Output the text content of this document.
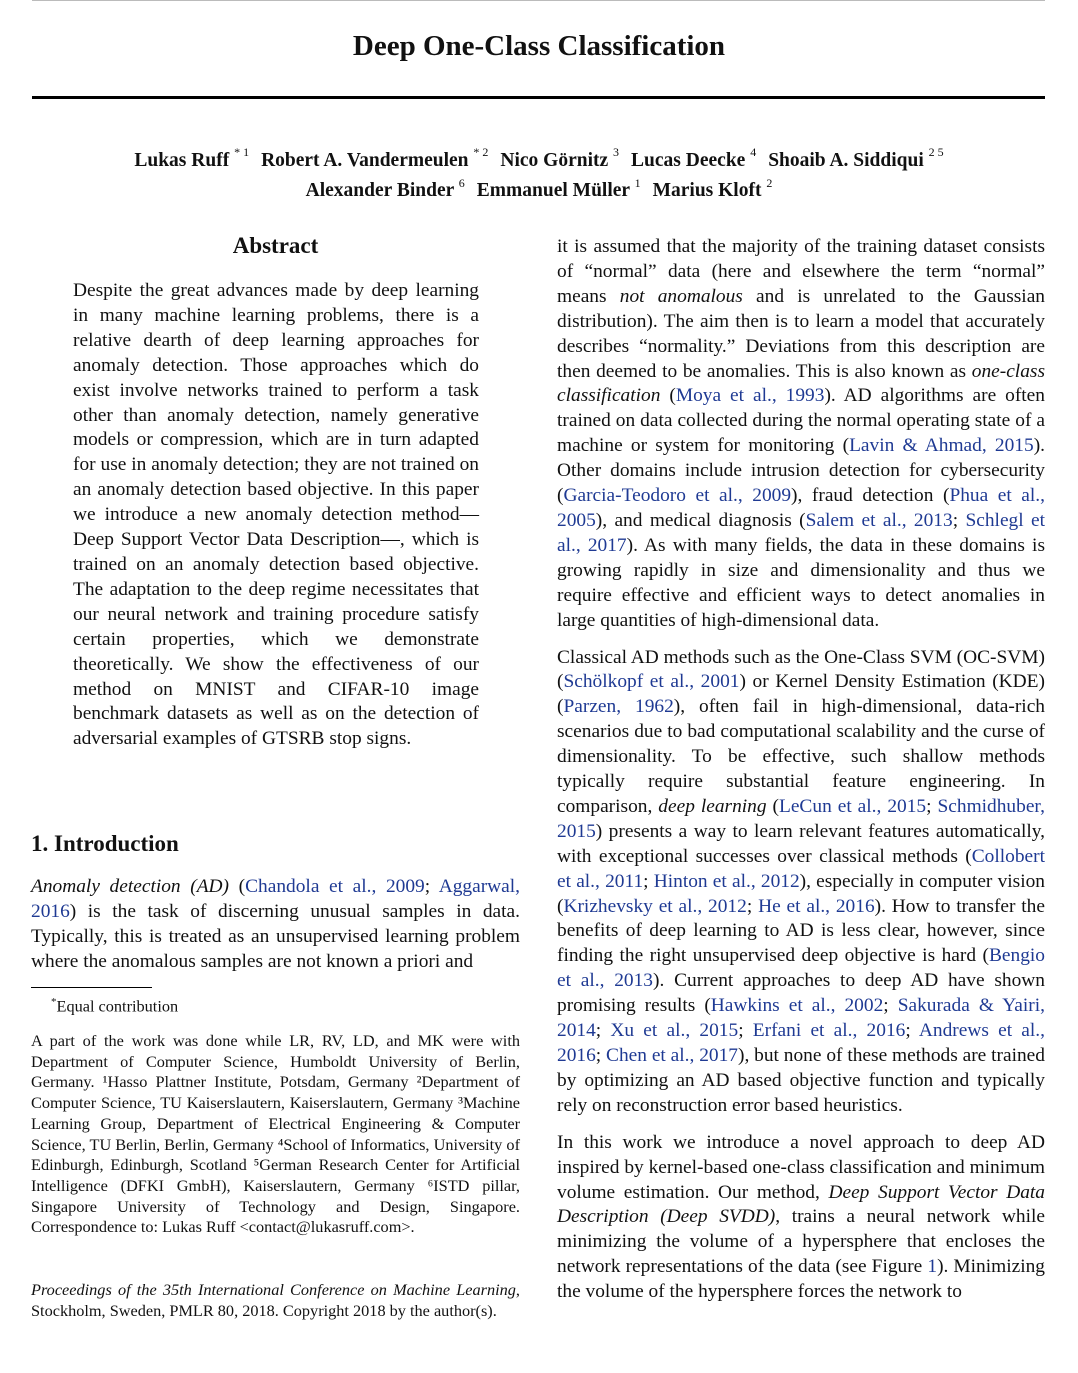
Deep One-Class Classification
Lukas Ruff $^{* 1}$ Robert A. Vandermeulen $^{* 2}$ Nico Görnitz $^3$ Lucas Deecke $^4$ Shoaib A. Siddiqui $^{2 5}$
Alexander Binder $^6$ Emmanuel Müller $^1$ Marius Kloft $^2$
Abstract
Despite the great advances made by deep learning in many machine learning problems, there is a relative dearth of deep learning approaches for anomaly detection. Those approaches which do exist involve networks trained to perform a task other than anomaly detection, namely generative models or compression, which are in turn adapted for use in anomaly detection; they are not trained on an anomaly detection based objective. In this paper we introduce a new anomaly detection method—Deep Support Vector Data Description—, which is trained on an anomaly detection based objective. The adaptation to the deep regime necessitates that our neural network and training procedure satisfy certain properties, which we demonstrate theoretically. We show the effectiveness of our method on MNIST and CIFAR-10 image benchmark datasets as well as on the detection of adversarial examples of GTSRB stop signs.
1. Introduction
Anomaly detection (AD) (Chandola et al., 2009; Aggarwal, 2016) is the task of discerning unusual samples in data. Typically, this is treated as an unsupervised learning problem where the anomalous samples are not known a priori and
*Equal contribution
A part of the work was done while LR, RV, LD, and MK were with Department of Computer Science, Humboldt University of Berlin, Germany. ¹Hasso Plattner Institute, Potsdam, Germany ²Department of Computer Science, TU Kaiserslautern, Kaiserslautern, Germany ³Machine Learning Group, Department of Electrical Engineering & Computer Science, TU Berlin, Berlin, Germany ⁴School of Informatics, University of Edinburgh, Edinburgh, Scotland ⁵German Research Center for Artificial Intelligence (DFKI GmbH), Kaiserslautern, Germany ⁶ISTD pillar, Singapore University of Technology and Design, Singapore. Correspondence to: Lukas Ruff <contact@lukasruff.com>.
Proceedings of the 35th International Conference on Machine Learning, Stockholm, Sweden, PMLR 80, 2018. Copyright 2018 by the author(s).

it is assumed that the majority of the training dataset consists of “normal” data (here and elsewhere the term “normal” means not anomalous and is unrelated to the Gaussian distribution). The aim then is to learn a model that accurately describes “normality.” Deviations from this description are then deemed to be anomalies. This is also known as one-class classification (Moya et al., 1993). AD algorithms are often trained on data collected during the normal operating state of a machine or system for monitoring (Lavin & Ahmad, 2015). Other domains include intrusion detection for cybersecurity (Garcia-Teodoro et al., 2009), fraud detection (Phua et al., 2005), and medical diagnosis (Salem et al., 2013; Schlegl et al., 2017). As with many fields, the data in these domains is growing rapidly in size and dimensionality and thus we require effective and efficient ways to detect anomalies in large quantities of high-dimensional data.

Classical AD methods such as the One-Class SVM (OC-SVM) (Schölkopf et al., 2001) or Kernel Density Estimation (KDE) (Parzen, 1962), often fail in high-dimensional, data-rich scenarios due to bad computational scalability and the curse of dimensionality. To be effective, such shallow methods typically require substantial feature engineering. In comparison, deep learning (LeCun et al., 2015; Schmidhuber, 2015) presents a way to learn relevant features automatically, with exceptional successes over classical methods (Collobert et al., 2011; Hinton et al., 2012), especially in computer vision (Krizhevsky et al., 2012; He et al., 2016). How to transfer the benefits of deep learning to AD is less clear, however, since finding the right unsupervised deep objective is hard (Bengio et al., 2013). Current approaches to deep AD have shown promising results (Hawkins et al., 2002; Sakurada & Yairi, 2014; Xu et al., 2015; Erfani et al., 2016; Andrews et al., 2016; Chen et al., 2017), but none of these methods are trained by optimizing an AD based objective function and typically rely on reconstruction error based heuristics.

In this work we introduce a novel approach to deep AD inspired by kernel-based one-class classification and minimum volume estimation. Our method, Deep Support Vector Data Description (Deep SVDD), trains a neural network while minimizing the volume of a hypersphere that encloses the network representations of the data (see Figure 1). Minimizing the volume of the hypersphere forces the network to
